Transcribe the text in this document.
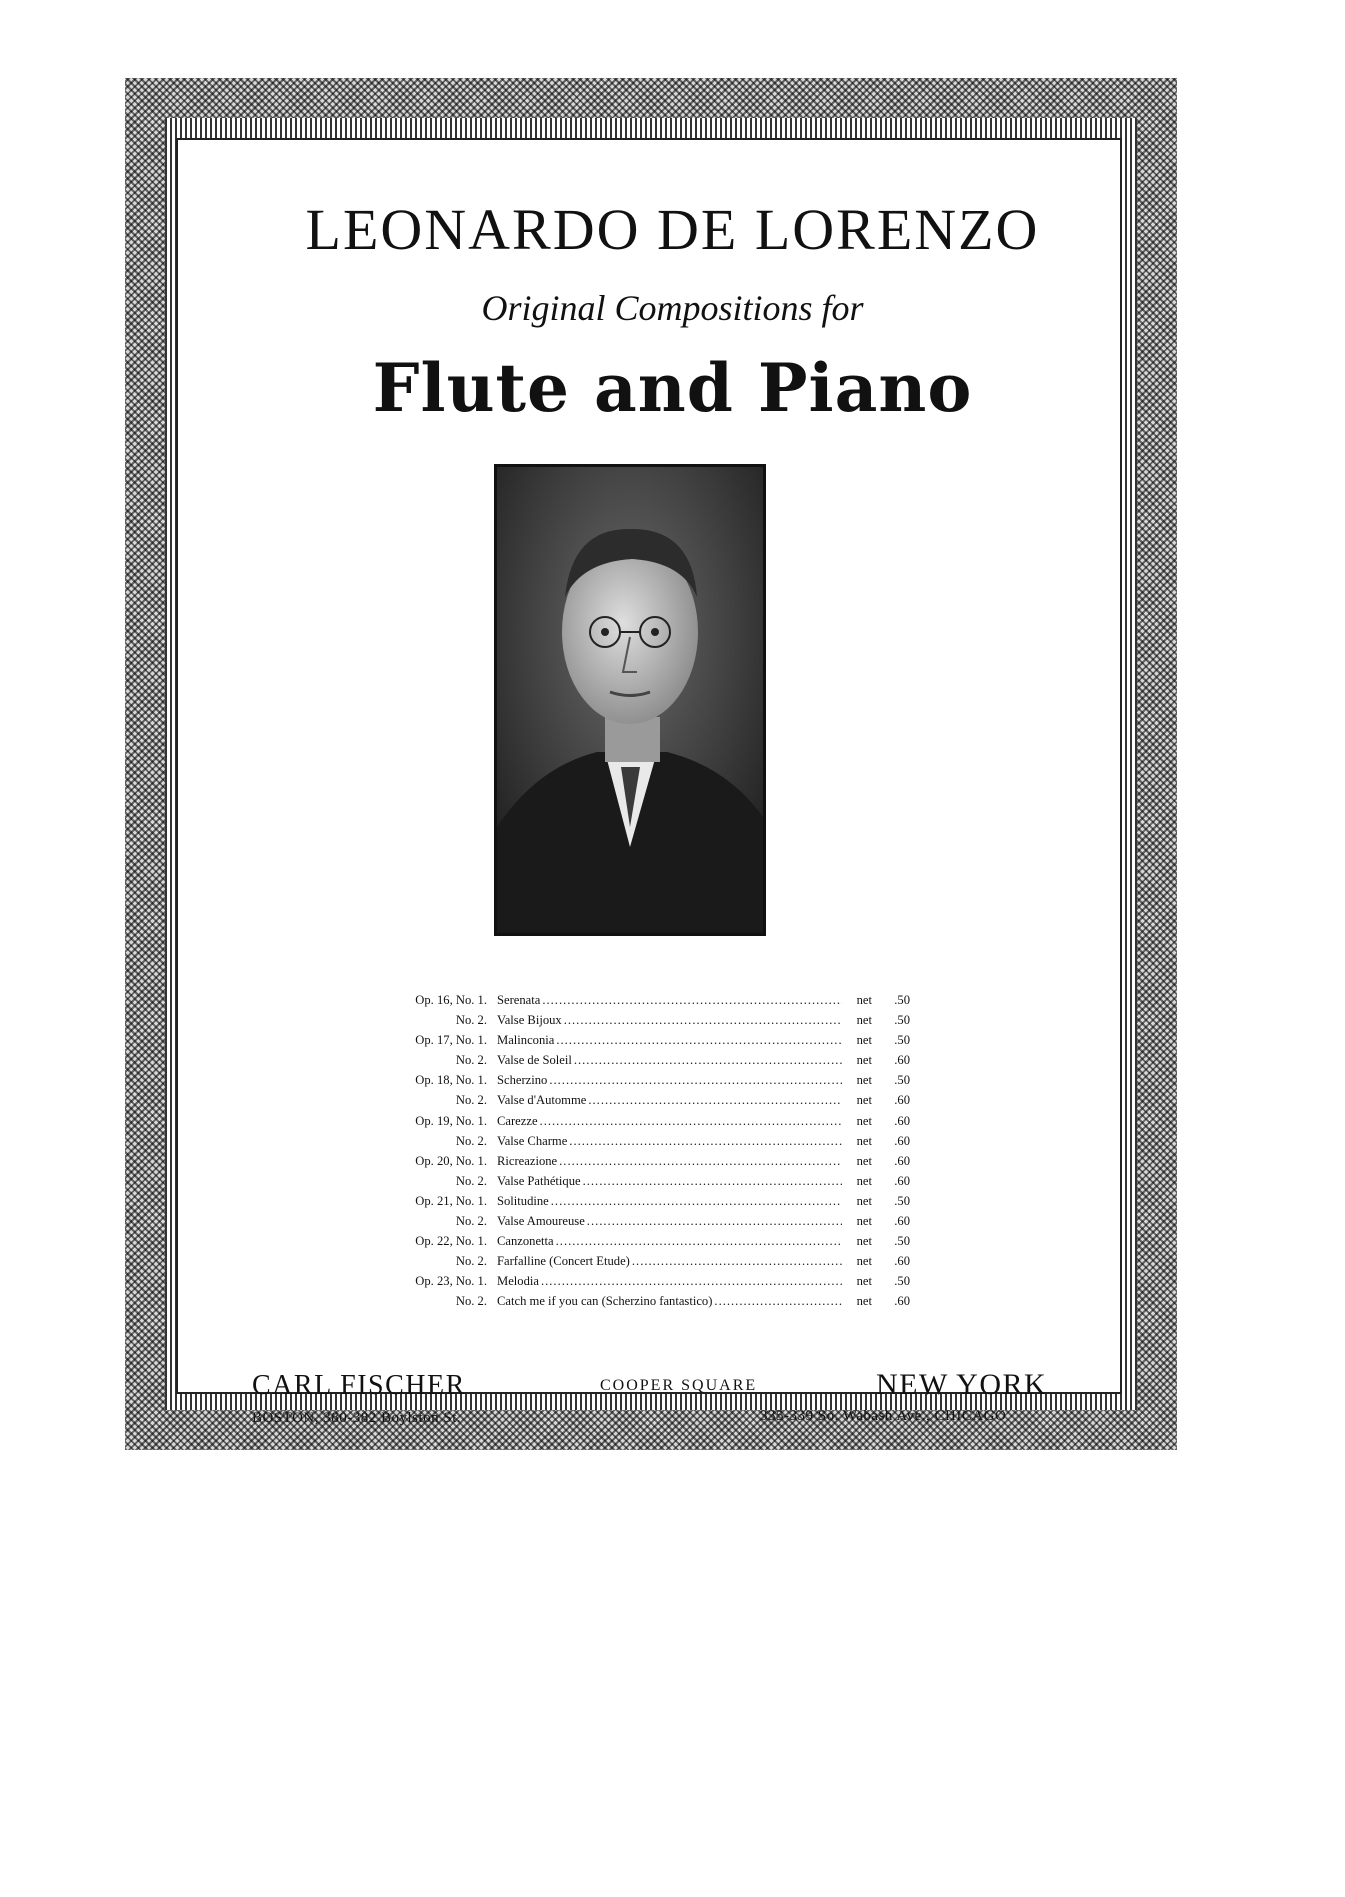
LEONARDO DE LORENZO
Original Compositions for
Flute and Piano
Op. 16, No. 1. Serenata .....	net	.50
No. 2. Valse Bijoux .....	net	.50
Op. 17, No. 1. Malinconia .....	net	.50
No. 2. Valse de Soleil .....	net	.60
Op. 18, No. 1. Scherzino .....	net	.50
No. 2. Valse d'Automme .....	net	.60
Op. 19, No. 1. Carezze .....	net	.60
No. 2. Valse Charme .....	net	.60
Op. 20, No. 1. Ricreazione .....	net	.60
No. 2. Valse Pathétique .....	net	.60
Op. 21, No. 1. Solitudine .....	net	.50
No. 2. Valse Amoureuse .....	net	.60
Op. 22, No. 1. Canzonetta .....	net	.50
No. 2. Farfalline (Concert Etude) .....	net	.60
Op. 23, No. 1. Melodia .....	net	.50
No. 2. Catch me if you can (Scherzino fantastico) .....	net	.60
CARL FISCHER	COOPER SQUARE	NEW YORK
BOSTON, 380-382 Boylston St.	335-339 So. Wabash Ave., CHICAGO
